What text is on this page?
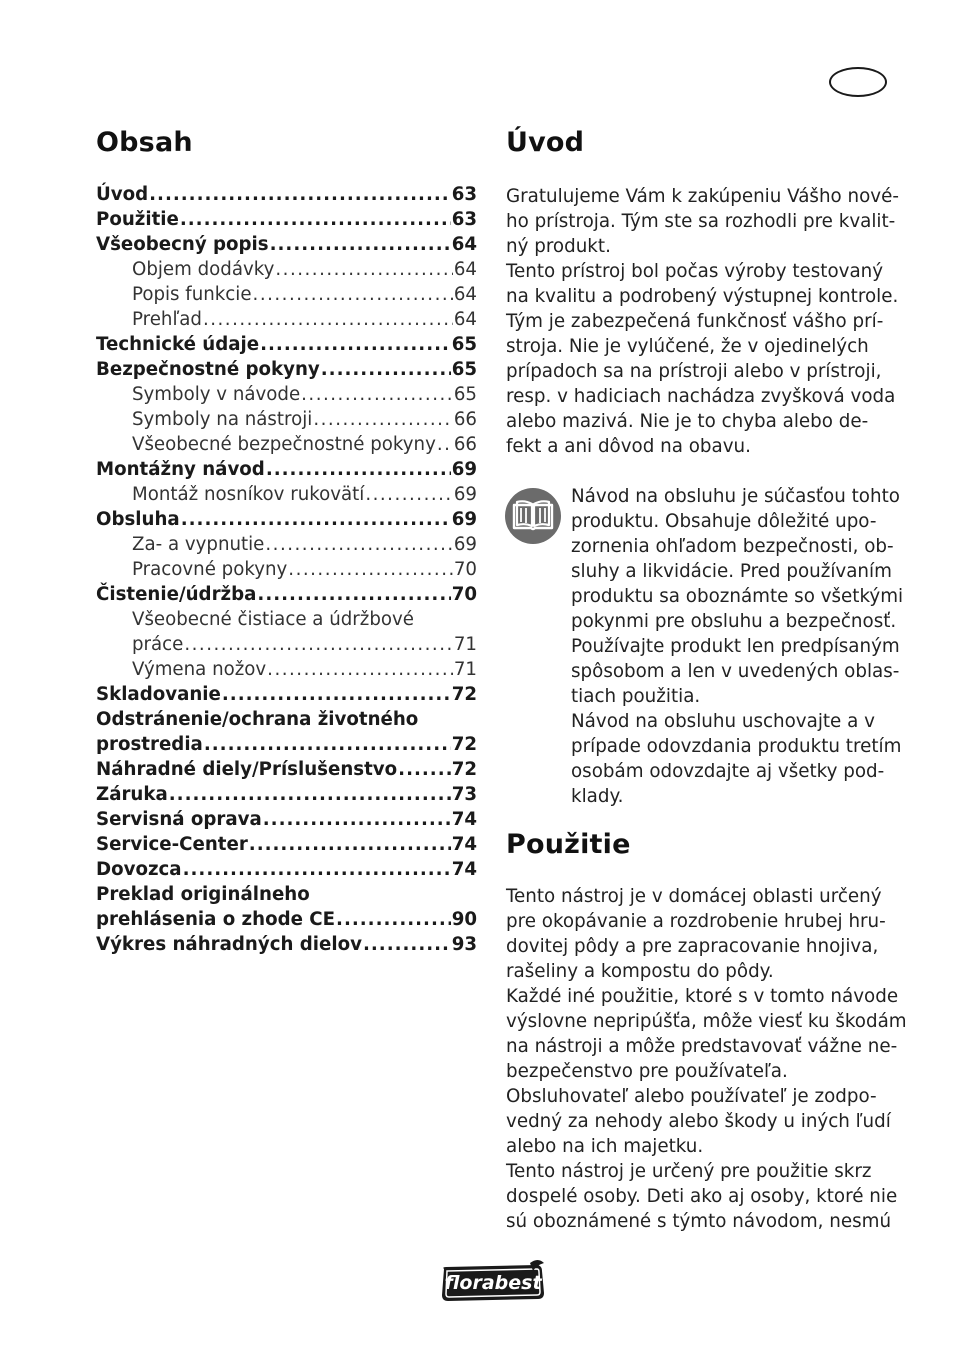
Obsah
Úvod .....	63
Použitie .....	63
Všeobecný popis .....	64
Objem dodávky .....	64
Popis funkcie .....	64
Prehľad .....	64
Technické údaje .....	65
Bezpečnostné pokyny .....	65
Symboly v návode .....	65
Symboly na nástroji .....	66
Všeobecné bezpečnostné pokyny ..... 66
Montážny návod .....	69
Montáž nosníkov rukovätí .....	69
Obsluha .....	69
Za- a vypnutie .....	69
Pracovné pokyny .....	70
Čistenie/údržba .....	70
Všeobecné čistiace a údržbové
práce .....	71
Výmena nožov .....	71
Skladovanie .....	72
Odstránenie/ochrana životného
prostredia .....	72
Náhradné diely/Príslušenstvo .....	72
Záruka .....	73
Servisná oprava .....	74
Service-Center .....	74
Dovozca .....	74
Preklad originálneho
prehlásenia o zhode CE .....	90
Výkres náhradných dielov .....	93
Úvod
Gratulujeme Vám k zakúpeniu Vášho nové-
ho prístroja. Tým ste sa rozhodli pre kvalit-
ný produkt.
Tento prístroj bol počas výroby testovaný
na kvalitu a podrobený výstupnej kontrole.
Tým je zabezpečená funkčnosť vášho prí-
stroja. Nie je vylúčené, že v ojedinelých
prípadoch sa na prístroji alebo v prístroji,
resp. v hadiciach nachádza zvyšková voda
alebo mazivá. Nie je to chyba alebo de-
fekt a ani dôvod na obavu.
Návod na obsluhu je súčasťou tohto
produktu. Obsahuje dôležité upo-
zornenia ohľadom bezpečnosti, ob-
sluhy a likvidácie. Pred používaním
produktu sa oboznámte so všetkými
pokynmi pre obsluhu a bezpečnosť.
Používajte produkt len predpísaným
spôsobom a len v uvedených oblas-
tiach použitia.
Návod na obsluhu uschovajte a v
prípade odovzdania produktu tretím
osobám odovzdajte aj všetky pod-
klady.
Použitie
Tento nástroj je v domácej oblasti určený
pre okopávanie a rozdrobenie hrubej hru-
dovitej pôdy a pre zapracovanie hnojiva,
rašeliny a kompostu do pôdy.
Každé iné použitie, ktoré s v tomto návode
výslovne nepripúšťa, môže viesť ku škodám
na nástroji a môže predstavovať vážne ne-
bezpečenstvo pre používateľa.
Obsluhovateľ alebo používateľ je zodpo-
vedný za nehody alebo škody u iných ľudí
alebo na ich majetku.
Tento nástroj je určený pre použitie skrz
dospelé osoby. Deti ako aj osoby, ktoré nie
sú oboznámené s týmto návodom, nesmú
florabest
